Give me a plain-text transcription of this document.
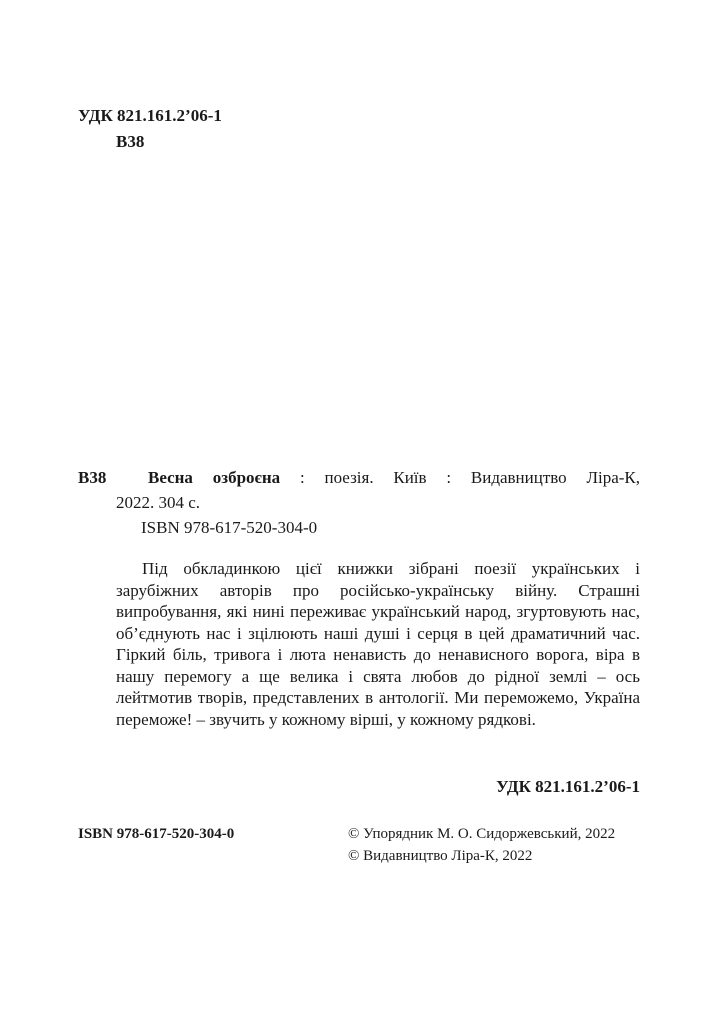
УДК 821.161.2’06-1
В38
В38	Весна озброєна : поезія. Київ : Видавництво Ліра-К,
2022. 304 с.
ISBN 978-617-520-304-0

Під обкладинкою цієї книжки зібрані поезії українських і зарубіжних авторів про російсько-українську війну. Страшні випробування, які нині переживає український народ, згуртовують нас, об’єднують нас і зцілюють наші душі і серця в цей драматичний час. Гіркий біль, тривога і люта ненависть до ненависного ворога, віра в нашу перемогу а ще велика і свята любов до рідної землі – ось лейтмотив творів, представлених в антології. Ми переможемо, Україна переможе! – звучить у кожному вірші, у кожному рядкові.

УДК 821.161.2’06-1
ISBN 978-617-520-304-0	© Упорядник М. О. Сидоржевський, 2022
© Видавництво Ліра-К, 2022
